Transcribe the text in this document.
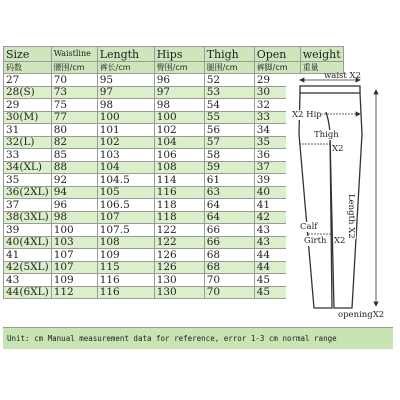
Size	Waistline	Length	Hips	Thigh	Open	weight
码数	腰围/cm	裤长/cm	臀围/cm	腿围/cm	裤脚/cm	重量
27	70	95	96	52	29	
28(S)	73	97	97	53	30	
29	75	98	98	54	32	
30(M)	77	100	100	55	33	
31	80	101	102	56	34	
32(L)	82	102	104	57	35	
33	85	103	106	58	36	
34(XL)	88	104	108	59	37	
35	92	104.5	114	61	39	
36(2XL)	94	105	116	63	40	
37	96	106.5	118	64	41	
38(3XL)	98	107	118	64	42	
39	100	107.5	122	66	43	
40(4XL)	103	108	122	66	43	
41	107	109	126	68	44	
42(5XL)	107	115	126	68	44	
43	109	116	130	70	45	
44(6XL)	112	116	130	70	45	
Unit: cm Manual measurement data for reference, error 1-3 cm normal range
waist X2
X2 Hip
Thigh
X2
Length X2
Calf
Girth X2
openingX2
